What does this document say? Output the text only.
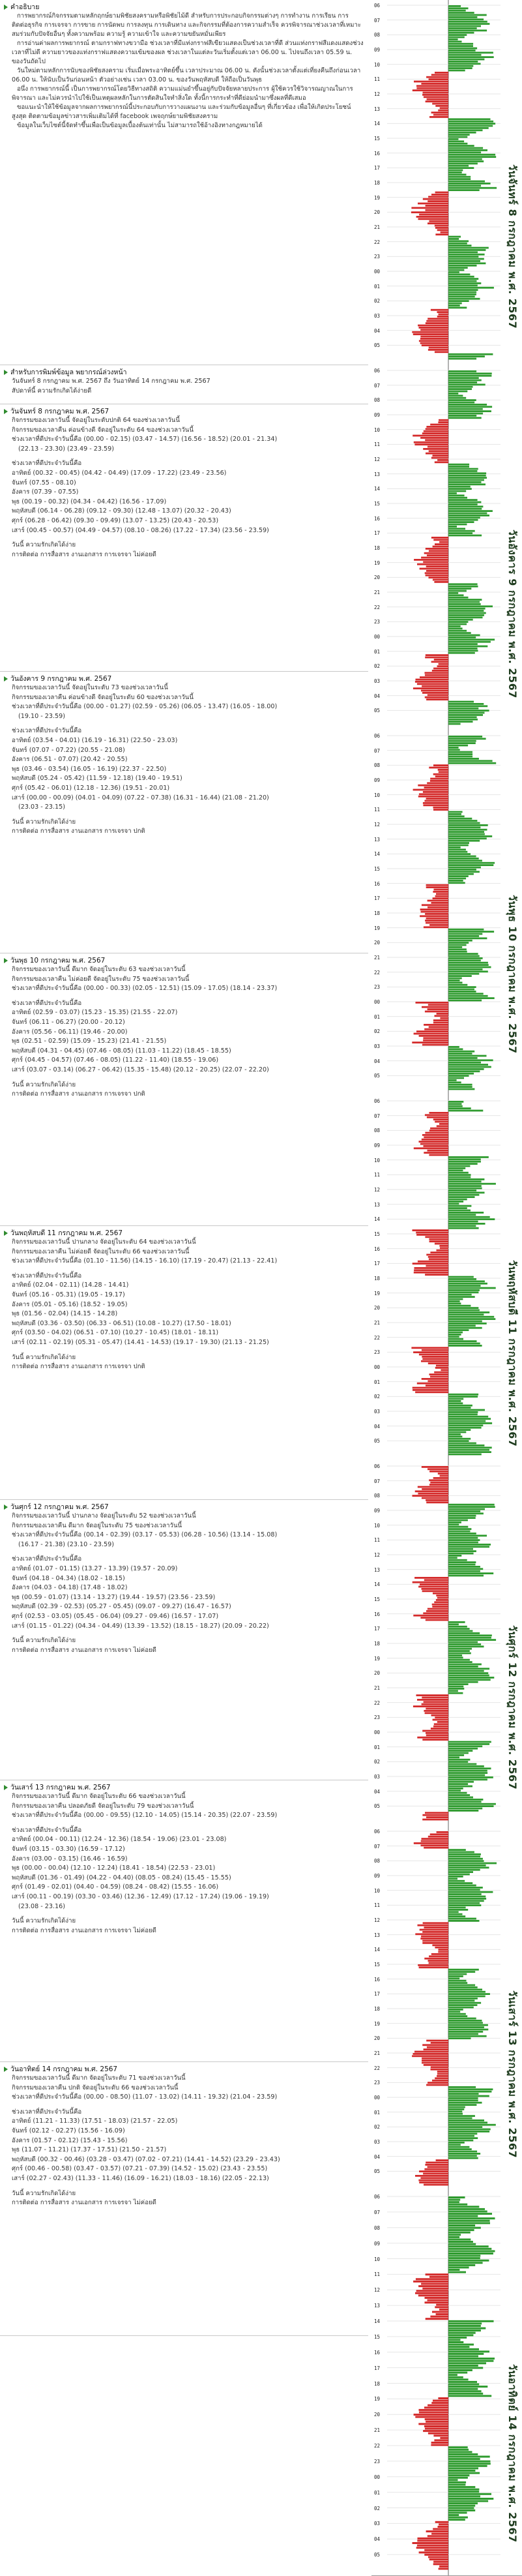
คำอธิบาย

การพยากรณ์กิจกรรมตามหลักฤกษ์ยามพิชัยสงครามหรือพิชัยไม้ดี สำหรับการประกอบกิจกรรมต่างๆ การทำงาน การเรียน การติดต่อธุรกิจ การเจรจา การขาย การนัดพบ การลงทุน การเดินทาง และกิจกรรมที่ต้องการความสำเร็จ ควรพิจารณาช่วงเวลาที่เหมาะสมร่วมกับปัจจัยอื่นๆ ทั้งความพร้อม ความรู้ ความเข้าใจ และความขยันหมั่นเพียร

การอ่านค่าผลการพยากรณ์ ตามกราฟทางขวามือ ช่วงเวลาที่มีแท่งกราฟสีเขียวแสดงเป็นช่วงเวลาที่ดี ส่วนแท่งกราฟสีแดงแสดงช่วงเวลาที่ไม่ดี ความยาวของแท่งกราฟแสดงความเข้มของผล ช่วงเวลาในแต่ละวันเริ่มตั้งแต่เวลา 06.00 น. ไปจนถึงเวลา 05.59 น. ของวันถัดไป

วันใหม่ตามหลักการนับของพิชัยสงคราม เริ่มเมื่อพระอาทิตย์ขึ้น เวลาประมาณ 06.00 น. ดังนั้นช่วงเวลาตั้งแต่เที่ยงคืนถึงก่อนเวลา 06.00 น. ให้นับเป็นวันก่อนหน้า ตัวอย่างเช่น เวลา 03.00 น. ของวันพฤหัสบดี ให้ถือเป็นวันพุธ

อนึ่ง การพยากรณ์นี้ เป็นการพยากรณ์โดยวิธีทางสถิติ ความแม่นยำขึ้นอยู่กับปัจจัยหลายประการ ผู้ใช้ควรใช้วิจารณญาณในการพิจารณา และไม่ควรนำไปใช้เป็นเหตุผลหลักในการตัดสินใจทำสิ่งใด ทั้งนี้การกระทำที่ดีย่อมนำมาซึ่งผลที่ดีเสมอ

ขอแนะนำให้ใช้ข้อมูลจากผลการพยากรณ์นี้ประกอบกับการวางแผนงาน และร่วมกับข้อมูลอื่นๆ ที่เกี่ยวข้อง เพื่อให้เกิดประโยชน์สูงสุด ติดตามข้อมูลข่าวสารเพิ่มเติมได้ที่ facebook เพจฤกษ์ยามพิชัยสงคราม

ข้อมูลในเว็บไซต์นี้จัดทำขึ้นเพื่อเป็นข้อมูลเบื้องต้นเท่านั้น ไม่สามารถใช้อ้างอิงทางกฎหมายได้

สำหรับการพิมพ์ข้อมูล พยากรณ์ล่วงหน้า
วันจันทร์ 8 กรกฎาคม พ.ศ. 2567 ถึง วันอาทิตย์ 14 กรกฎาคม พ.ศ. 2567
สัปดาห์นี้ ความรักเกิดได้ง่ายดี
วันจันทร์ 8 กรกฎาคม พ.ศ. 2567
กิจกรรมของเวลาวันนี้ จัดอยู่ในระดับปกติ 64 ของช่วงเวลาวันนี้
กิจกรรมของเวลาคืน ค่อนข้างดี จัดอยู่ในระดับ 64 ของช่วงเวลาวันนี้
ช่วงเวลาที่ดีประจำวันนี้คือ (00.00 - 02.15) (03.47 - 14.57) (16.56 - 18.52) (20.01 - 21.34)
(22.13 - 23.30) (23.49 - 23.59)
ช่วงเวลาที่ดีประจำวันนี้คือ
อาทิตย์ (00.32 - 00.45) (04.42 - 04.49) (17.09 - 17.22) (23.49 - 23.56)
จันทร์ (07.55 - 08.10)
อังคาร (07.39 - 07.55)
พุธ (00.19 - 00.32) (04.34 - 04.42) (16.56 - 17.09)
พฤหัสบดี (06.14 - 06.28) (09.12 - 09.30) (12.48 - 13.07) (20.32 - 20.43)
ศุกร์ (06.28 - 06.42) (09.30 - 09.49) (13.07 - 13.25) (20.43 - 20.53)
เสาร์ (00.45 - 00.57) (04.49 - 04.57) (08.10 - 08.26) (17.22 - 17.34) (23.56 - 23.59)
วันนี้ ความรักเกิดได้ง่าย
การติดต่อ การสื่อสาร งานเอกสาร การเจรจา ไม่ค่อยดี
วันอังคาร 9 กรกฎาคม พ.ศ. 2567
กิจกรรมของเวลาวันนี้ จัดอยู่ในระดับ 73 ของช่วงเวลาวันนี้
กิจกรรมของเวลาคืน ค่อนข้างดี จัดอยู่ในระดับ 60 ของช่วงเวลาวันนี้
ช่วงเวลาที่ดีประจำวันนี้คือ (00.00 - 01.27) (02.59 - 05.26) (06.05 - 13.47) (16.05 - 18.00)
(19.10 - 23.59)
ช่วงเวลาที่ดีประจำวันนี้คือ
อาทิตย์ (03.54 - 04.01) (16.19 - 16.31) (22.50 - 23.03)
จันทร์ (07.07 - 07.22) (20.55 - 21.08)
อังคาร (06.51 - 07.07) (20.42 - 20.55)
พุธ (03.46 - 03.54) (16.05 - 16.19) (22.37 - 22.50)
พฤหัสบดี (05.24 - 05.42) (11.59 - 12.18) (19.40 - 19.51)
ศุกร์ (05.42 - 06.01) (12.18 - 12.36) (19.51 - 20.01)
เสาร์ (00.00 - 00.09) (04.01 - 04.09) (07.22 - 07.38) (16.31 - 16.44) (21.08 - 21.20)
(23.03 - 23.15)
วันนี้ ความรักเกิดได้ง่าย
การติดต่อ การสื่อสาร งานเอกสาร การเจรจา ปกติ
วันพุธ 10 กรกฎาคม พ.ศ. 2567
กิจกรรมของเวลาวันนี้ ดีมาก จัดอยู่ในระดับ 63 ของช่วงเวลาวันนี้
กิจกรรมของเวลาคืน ไม่ค่อยดี จัดอยู่ในระดับ 75 ของช่วงเวลาวันนี้
ช่วงเวลาที่ดีประจำวันนี้คือ (00.00 - 00.33) (02.05 - 12.51) (15.09 - 17.05) (18.14 - 23.37)
ช่วงเวลาที่ดีประจำวันนี้คือ
อาทิตย์ (02.59 - 03.07) (15.23 - 15.35) (21.55 - 22.07)
จันทร์ (06.11 - 06.27) (20.00 - 20.12)
อังคาร (05.56 - 06.11) (19.46 - 20.00)
พุธ (02.51 - 02.59) (15.09 - 15.23) (21.41 - 21.55)
พฤหัสบดี (04.31 - 04.45) (07.46 - 08.05) (11.03 - 11.22) (18.45 - 18.55)
ศุกร์ (04.45 - 04.57) (07.46 - 08.05) (11.22 - 11.40) (18.55 - 19.06)
เสาร์ (03.07 - 03.14) (06.27 - 06.42) (15.35 - 15.48) (20.12 - 20.25) (22.07 - 22.20)
วันนี้ ความรักเกิดได้ง่าย
การติดต่อ การสื่อสาร งานเอกสาร การเจรจา ปกติ
วันพฤหัสบดี 11 กรกฎาคม พ.ศ. 2567
กิจกรรมของเวลาวันนี้ ปานกลาง จัดอยู่ในระดับ 64 ของช่วงเวลาวันนี้
กิจกรรมของเวลาคืน ไม่ค่อยดี จัดอยู่ในระดับ 66 ของช่วงเวลาวันนี้
ช่วงเวลาที่ดีประจำวันนี้คือ (01.10 - 11.56) (14.15 - 16.10) (17.19 - 20.47) (21.13 - 22.41)
ช่วงเวลาที่ดีประจำวันนี้คือ
อาทิตย์ (02.04 - 02.11) (14.28 - 14.41)
จันทร์ (05.16 - 05.31) (19.05 - 19.17)
อังคาร (05.01 - 05.16) (18.52 - 19.05)
พุธ (01.56 - 02.04) (14.15 - 14.28)
พฤหัสบดี (03.36 - 03.50) (06.33 - 06.51) (10.08 - 10.27) (17.50 - 18.01)
ศุกร์ (03.50 - 04.02) (06.51 - 07.10) (10.27 - 10.45) (18.01 - 18.11)
เสาร์ (02.11 - 02.19) (05.31 - 05.47) (14.41 - 14.53) (19.17 - 19.30) (21.13 - 21.25)
วันนี้ ความรักเกิดได้ง่าย
การติดต่อ การสื่อสาร งานเอกสาร การเจรจา ปกติ
วันศุกร์ 12 กรกฎาคม พ.ศ. 2567
กิจกรรมของเวลาวันนี้ ปานกลาง จัดอยู่ในระดับ 52 ของช่วงเวลาวันนี้
กิจกรรมของเวลาคืน ดีมาก จัดอยู่ในระดับ 75 ของช่วงเวลาวันนี้
ช่วงเวลาที่ดีประจำวันนี้คือ (00.14 - 02.39) (03.17 - 05.53) (06.28 - 10.56) (13.14 - 15.08)
(16.17 - 21.38) (23.10 - 23.59)
ช่วงเวลาที่ดีประจำวันนี้คือ
อาทิตย์ (01.07 - 01.15) (13.27 - 13.39) (19.57 - 20.09)
จันทร์ (04.18 - 04.34) (18.02 - 18.15)
อังคาร (04.03 - 04.18) (17.48 - 18.02)
พุธ (00.59 - 01.07) (13.14 - 13.27) (19.44 - 19.57) (23.56 - 23.59)
พฤหัสบดี (02.39 - 02.53) (05.27 - 05.45) (09.07 - 09.27) (16.47 - 16.57)
ศุกร์ (02.53 - 03.05) (05.45 - 06.04) (09.27 - 09.46) (16.57 - 17.07)
เสาร์ (01.15 - 01.22) (04.34 - 04.49) (13.39 - 13.52) (18.15 - 18.27) (20.09 - 20.22)
วันนี้ ความรักเกิดได้ง่าย
การติดต่อ การสื่อสาร งานเอกสาร การเจรจา ไม่ค่อยดี
วันเสาร์ 13 กรกฎาคม พ.ศ. 2567
กิจกรรมของเวลาวันนี้ ดีมาก จัดอยู่ในระดับ 66 ของช่วงเวลาวันนี้
กิจกรรมของเวลาคืน ปลอดภัยดี จัดอยู่ในระดับ 79 ของช่วงเวลาวันนี้
ช่วงเวลาที่ดีประจำวันนี้คือ (00.00 - 09.55) (12.10 - 14.05) (15.14 - 20.35) (22.07 - 23.59)
ช่วงเวลาที่ดีประจำวันนี้คือ
อาทิตย์ (00.04 - 00.11) (12.24 - 12.36) (18.54 - 19.06) (23.01 - 23.08)
จันทร์ (03.15 - 03.30) (16.59 - 17.12)
อังคาร (03.00 - 03.15) (16.46 - 16.59)
พุธ (00.00 - 00.04) (12.10 - 12.24) (18.41 - 18.54) (22.53 - 23.01)
พฤหัสบดี (01.36 - 01.49) (04.22 - 04.40) (08.05 - 08.24) (15.45 - 15.55)
ศุกร์ (01.49 - 02.01) (04.40 - 04.59) (08.24 - 08.42) (15.55 - 16.06)
เสาร์ (00.11 - 00.19) (03.30 - 03.46) (12.36 - 12.49) (17.12 - 17.24) (19.06 - 19.19)
(23.08 - 23.16)
วันนี้ ความรักเกิดได้ง่าย
การติดต่อ การสื่อสาร งานเอกสาร การเจรจา ไม่ค่อยดี
วันอาทิตย์ 14 กรกฎาคม พ.ศ. 2567
กิจกรรมของเวลาวันนี้ ดีมาก จัดอยู่ในระดับ 71 ของช่วงเวลาวันนี้
กิจกรรมของเวลาคืน ปกติ จัดอยู่ในระดับ 66 ของช่วงเวลาวันนี้
ช่วงเวลาที่ดีประจำวันนี้คือ (00.00 - 08.50) (11.07 - 13.02) (14.11 - 19.32) (21.04 - 23.59)
ช่วงเวลาที่ดีประจำวันนี้คือ
อาทิตย์ (11.21 - 11.33) (17.51 - 18.03) (21.57 - 22.05)
จันทร์ (02.12 - 02.27) (15.56 - 16.09)
อังคาร (01.57 - 02.12) (15.43 - 15.56)
พุธ (11.07 - 11.21) (17.37 - 17.51) (21.50 - 21.57)
พฤหัสบดี (00.32 - 00.46) (03.28 - 03.47) (07.02 - 07.21) (14.41 - 14.52) (23.29 - 23.43)
ศุกร์ (00.46 - 00.58) (03.47 - 03.57) (07.21 - 07.39) (14.52 - 15.02) (23.43 - 23.55)
เสาร์ (02.27 - 02.43) (11.33 - 11.46) (16.09 - 16.21) (18.03 - 18.16) (22.05 - 22.13)
วันนี้ ความรักเกิดได้ง่าย
การติดต่อ การสื่อสาร งานเอกสาร การเจรจา ไม่ค่อยดี
06
07
08
09
10
11
12
13
14
15
16
17
18
19
20
21
22
23
00
01
02
03
04
05
วันจันทร์ 8 กรกฎาคม พ.ศ. 2567
06
07
08
09
10
11
12
13
14
15
16
17
18
19
20
21
22
23
00
01
02
03
04
05
วันอังคาร 9 กรกฎาคม พ.ศ. 2567
06
07
08
09
10
11
12
13
14
15
16
17
18
19
20
21
22
23
00
01
02
03
04
05
วันพุธ 10 กรกฎาคม พ.ศ. 2567
06
07
08
09
10
11
12
13
14
15
16
17
18
19
20
21
22
23
00
01
02
03
04
05	วันพฤหัสบดี 11 กรกฎาคม พ.ศ. 2567
06
07
08
09
10
11
12
13
14
15
16
17
18
19
20
21
22
23
00
01
02
03
04
05
วันศุกร์ 12 กรกฎาคม พ.ศ. 2567
06
07
08
09
10
11
12
13
14
15
16
17
18
19
20
21
22
23
00
01
02
03
04
05
วันเสาร์ 13 กรกฎาคม พ.ศ. 2567
06
07
08
09
10
11
12
13
14
15
16
17
18
19
20
21
22
23
00
01
02
03
04
05
วันอาทิตย์ 14 กรกฎาคม พ.ศ. 2567
